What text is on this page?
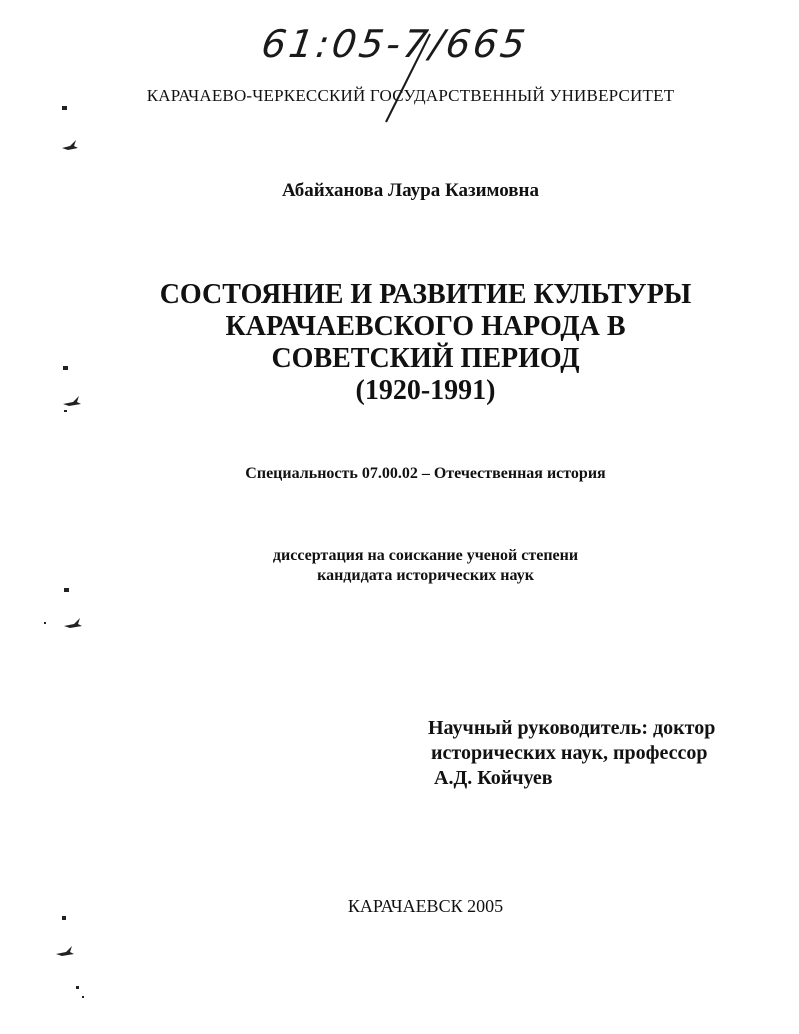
61:05-7/665
КАРАЧАЕВО-ЧЕРКЕССКИЙ ГОСУДАРСТВЕННЫЙ УНИВЕРСИТЕТ
Абайханова Лаура Казимовна
СОСТОЯНИЕ И РАЗВИТИЕ КУЛЬТУРЫ
КАРАЧАЕВСКОГО НАРОДА В
СОВЕТСКИЙ ПЕРИОД
(1920-1991)
Специальность 07.00.02 – Отечественная история
диссертация на соискание ученой степени
кандидата исторических наук
Научный руководитель: доктор
исторических наук, профессор
А.Д. Койчуев
КАРАЧАЕВСК 2005
